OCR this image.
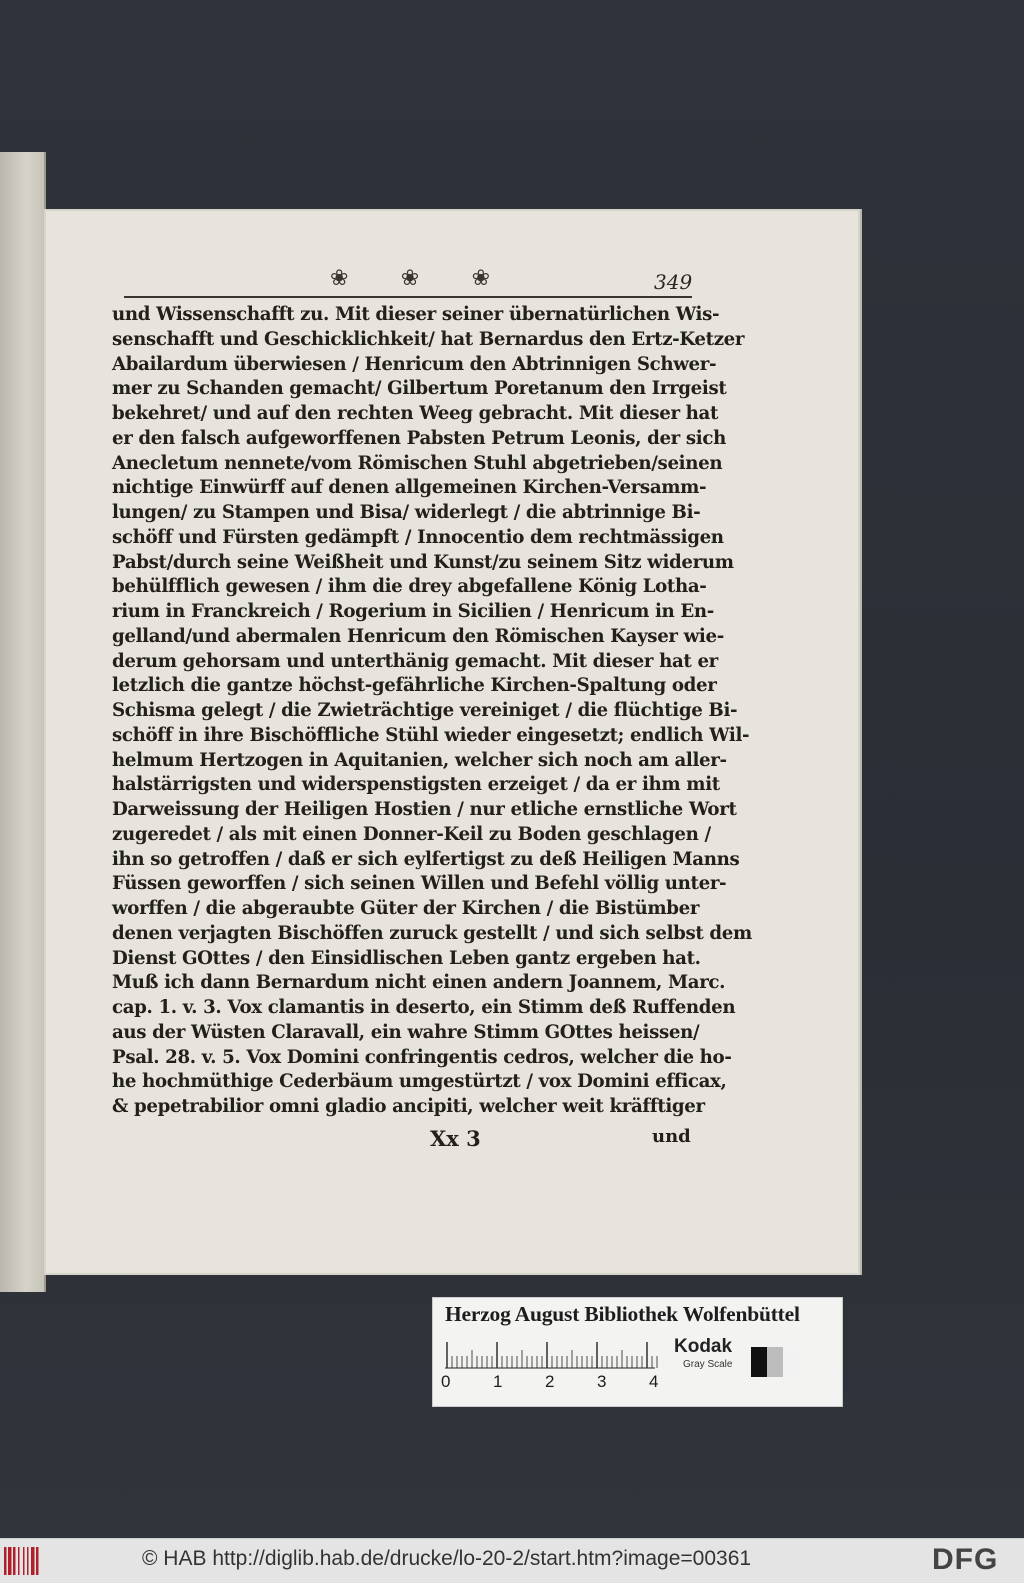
❀ ❀ ❀	349
und Wissenschafft zu. Mit dieser seiner übernatürlichen Wis-
senschafft und Geschicklichkeit/ hat Bernardus den Ertz-Ketzer
Abailardum überwiesen / Henricum den Abtrinnigen Schwer-
mer zu Schanden gemacht/ Gilbertum Poretanum den Irrgeist
bekehret/ und auf den rechten Weeg gebracht. Mit dieser hat
er den falsch aufgeworffenen Pabsten Petrum Leonis, der sich
Anecletum nennete/vom Römischen Stuhl abgetrieben/seinen
nichtige Einwürff auf denen allgemeinen Kirchen-Versamm-
lungen/ zu Stampen und Bisa/ widerlegt / die abtrinnige Bi-
schöff und Fürsten gedämpft / Innocentio dem rechtmässigen
Pabst/durch seine Weißheit und Kunst/zu seinem Sitz widerum
behülfflich gewesen / ihm die drey abgefallene König Lotha-
rium in Franckreich / Rogerium in Sicilien / Henricum in En-
gelland/und abermalen Henricum den Römischen Kayser wie-
derum gehorsam und unterthänig gemacht. Mit dieser hat er
letzlich die gantze höchst-gefährliche Kirchen-Spaltung oder
Schisma gelegt / die Zwieträchtige vereiniget / die flüchtige Bi-
schöff in ihre Bischöffliche Stühl wieder eingesetzt; endlich Wil-
helmum Hertzogen in Aquitanien, welcher sich noch am aller-
halstärrigsten und widerspenstigsten erzeiget / da er ihm mit
Darweissung der Heiligen Hostien / nur etliche ernstliche Wort
zugeredet / als mit einen Donner-Keil zu Boden geschlagen /
ihn so getroffen / daß er sich eylfertigst zu deß Heiligen Manns
Füssen geworffen / sich seinen Willen und Befehl völlig unter-
worffen / die abgeraubte Güter der Kirchen / die Bistümber
denen verjagten Bischöffen zuruck gestellt / und sich selbst dem
Dienst GOttes / den Einsidlischen Leben gantz ergeben hat.
Muß ich dann Bernardum nicht einen andern Joannem, Marc.
cap. 1. v. 3. Vox clamantis in deserto, ein Stimm deß Ruffenden
aus der Wüsten Claravall, ein wahre Stimm GOttes heissen/
Psal. 28. v. 5. Vox Domini confringentis cedros, welcher die ho-
he hochmüthige Cederbäum umgestürtzt / vox Domini efficax,
& pepetrabilior omni gladio ancipiti, welcher weit kräfftiger
Xx 3	und
Herzog August Bibliothek Wolfenbüttel
0	1	2	3	4
Kodak
Gray Scale
© HAB http://diglib.hab.de/drucke/lo-20-2/start.htm?image=00361	DFG
